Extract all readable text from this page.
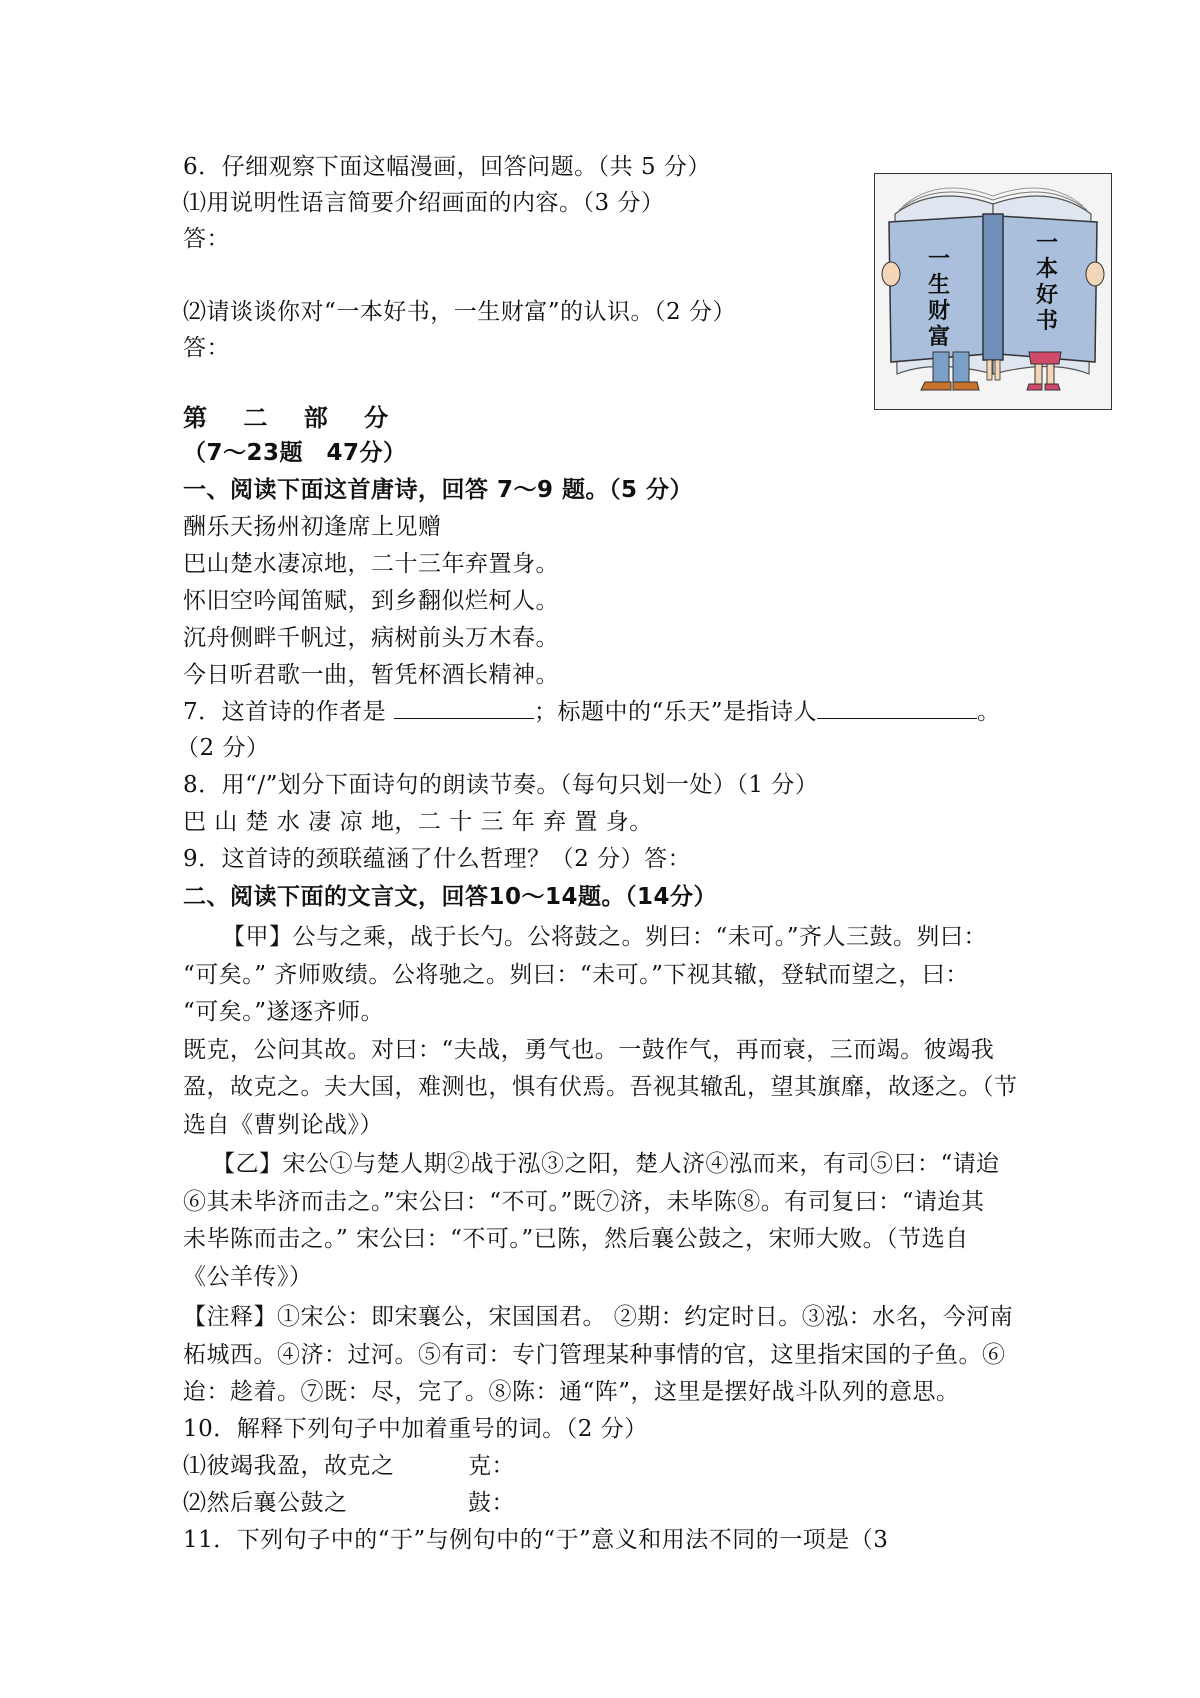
6．仔细观察下面这幅漫画，回答问题。（共 5 分）
⑴用说明性语言简要介绍画面的内容。（3 分）
答：
⑵请谈谈你对“一本好书，一生财富”的认识。（2 分）
答：
一
生
财
富
一
本
好
书
第 二 部 分
（7～23题　47分）
一、阅读下面这首唐诗，回答 7～9 题。（5 分）
酬乐天扬州初逢席上见赠
巴山楚水凄凉地，二十三年弃置身。
怀旧空吟闻笛赋，到乡翻似烂柯人。
沉舟侧畔千帆过，病树前头万木春。
今日听君歌一曲，暂凭杯酒长精神。
7．这首诗的作者是	；标题中的“乐天”是指诗人	。
（2 分）
8．用“/”划分下面诗句的朗读节奏。（每句只划一处）（1 分）
巴 山 楚 水 凄 凉 地，二 十 三 年 弃 置 身。
9．这首诗的颈联蕴涵了什么哲理？（2 分）答：
二、阅读下面的文言文，回答10～14题。（14分）
【甲】公与之乘，战于长勺。公将鼓之。刿曰：“未可。”齐人三鼓。刿曰：
“可矣。” 齐师败绩。公将驰之。刿曰：“未可。”下视其辙，登轼而望之，曰：
“可矣。”遂逐齐师。
既克，公问其故。对曰：“夫战，勇气也。一鼓作气，再而衰，三而竭。彼竭我
盈，故克之。夫大国，难测也，惧有伏焉。吾视其辙乱，望其旗靡，故逐之。（节
选自《曹刿论战》）
【乙】宋公①与楚人期②战于泓③之阳，楚人济④泓而来，有司⑤曰：“请迨
⑥其未毕济而击之。”宋公曰：“不可。”既⑦济，未毕陈⑧。有司复曰：“请迨其
未毕陈而击之。” 宋公曰：“不可。”已陈，然后襄公鼓之，宋师大败。（节选自
《公羊传》）
【注释】①宋公：即宋襄公，宋国国君。 ②期：约定时日。③泓：水名，今河南
柘城西。④济：过河。⑤有司：专门管理某种事情的官，这里指宋国的子鱼。⑥
迨：趁着。⑦既：尽，完了。⑧陈：通“阵”，这里是摆好战斗队列的意思。
10．解释下列句子中加着重号的词。（2 分）
⑴彼竭我盈，故克之	克：
⑵然后襄公鼓之	鼓：
11．下列句子中的“于”与例句中的“于”意义和用法不同的一项是（3
